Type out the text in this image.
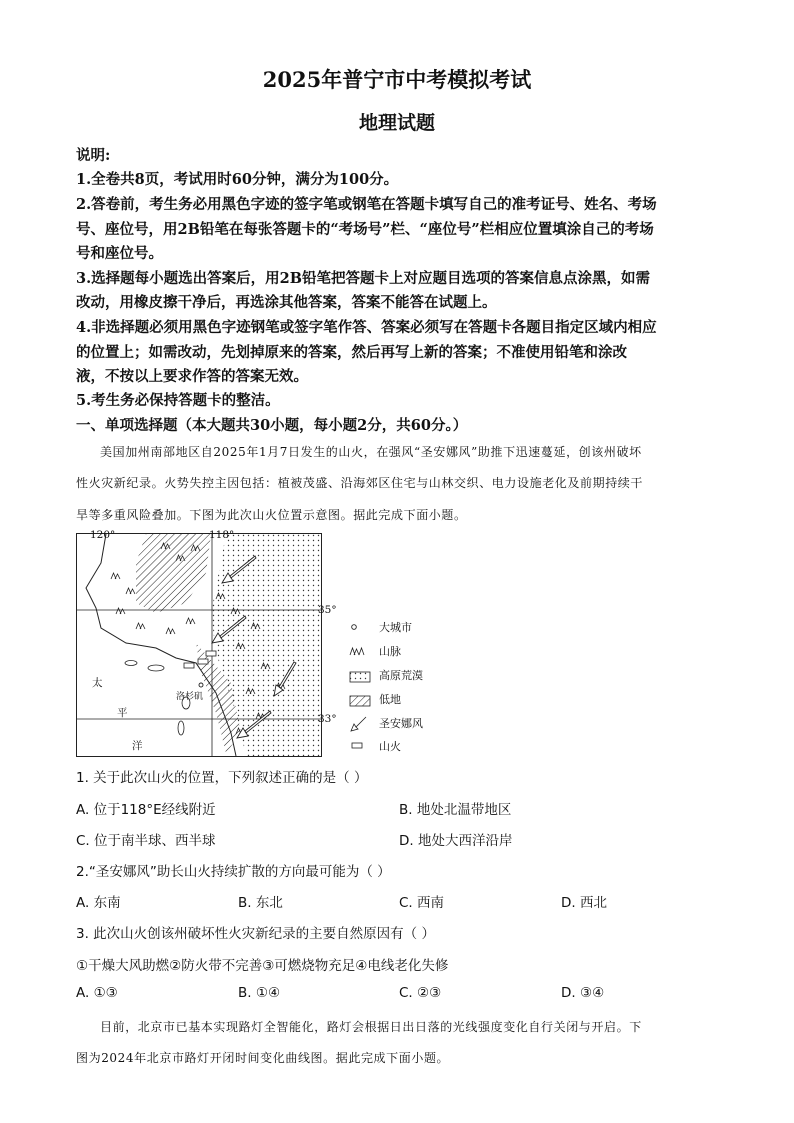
2025年普宁市中考模拟考试
地理试题
说明:
1.全卷共8页，考试用时60分钟，满分为100分。
2.答卷前，考生务必用黑色字迹的签字笔或钢笔在答题卡填写自己的准考证号、姓名、考场
号、座位号，用2B铅笔在每张答题卡的“考场号”栏、“座位号”栏相应位置填涂自己的考场
号和座位号。
3.选择题每小题选出答案后，用2B铅笔把答题卡上对应题目选项的答案信息点涂黑，如需
改动，用橡皮擦干净后，再选涂其他答案，答案不能答在试题上。
4.非选择题必须用黑色字迹钢笔或签字笔作答、答案必须写在答题卡各题目指定区域内相应
的位置上；如需改动，先划掉原来的答案，然后再写上新的答案；不准使用铅笔和涂改
液，不按以上要求作答的答案无效。
5.考生务必保持答题卡的整洁。
一、单项选择题（本大题共30小题，每小题2分，共60分。）
美国加州南部地区自2025年1月7日发生的山火，在强风“圣安娜风”助推下迅速蔓延，创该州破坏
性火灾新纪录。火势失控主因包括：植被茂盛、沿海郊区住宅与山林交织、电力设施老化及前期持续干
旱等多重风险叠加。下图为此次山火位置示意图。据此完成下面小题。
120°	118°
35°
33°
太
平
洋
洛杉矶
大城市
山脉
高原荒漠
低地
圣安娜风
山火
1. 关于此次山火的位置，下列叙述正确的是（ ）
A. 位于118°E经线附近	B. 地处北温带地区
C. 位于南半球、西半球	D. 地处大西洋沿岸
2.“圣安娜风”助长山火持续扩散的方向最可能为（ ）
A. 东南	B. 东北	C. 西南	D. 西北
3. 此次山火创该州破坏性火灾新纪录的主要自然原因有（ ）
①干燥大风助燃②防火带不完善③可燃烧物充足④电线老化失修
A. ①③	B. ①④	C. ②③	D. ③④
目前，北京市已基本实现路灯全智能化，路灯会根据日出日落的光线强度变化自行关闭与开启。下
图为2024年北京市路灯开闭时间变化曲线图。据此完成下面小题。
